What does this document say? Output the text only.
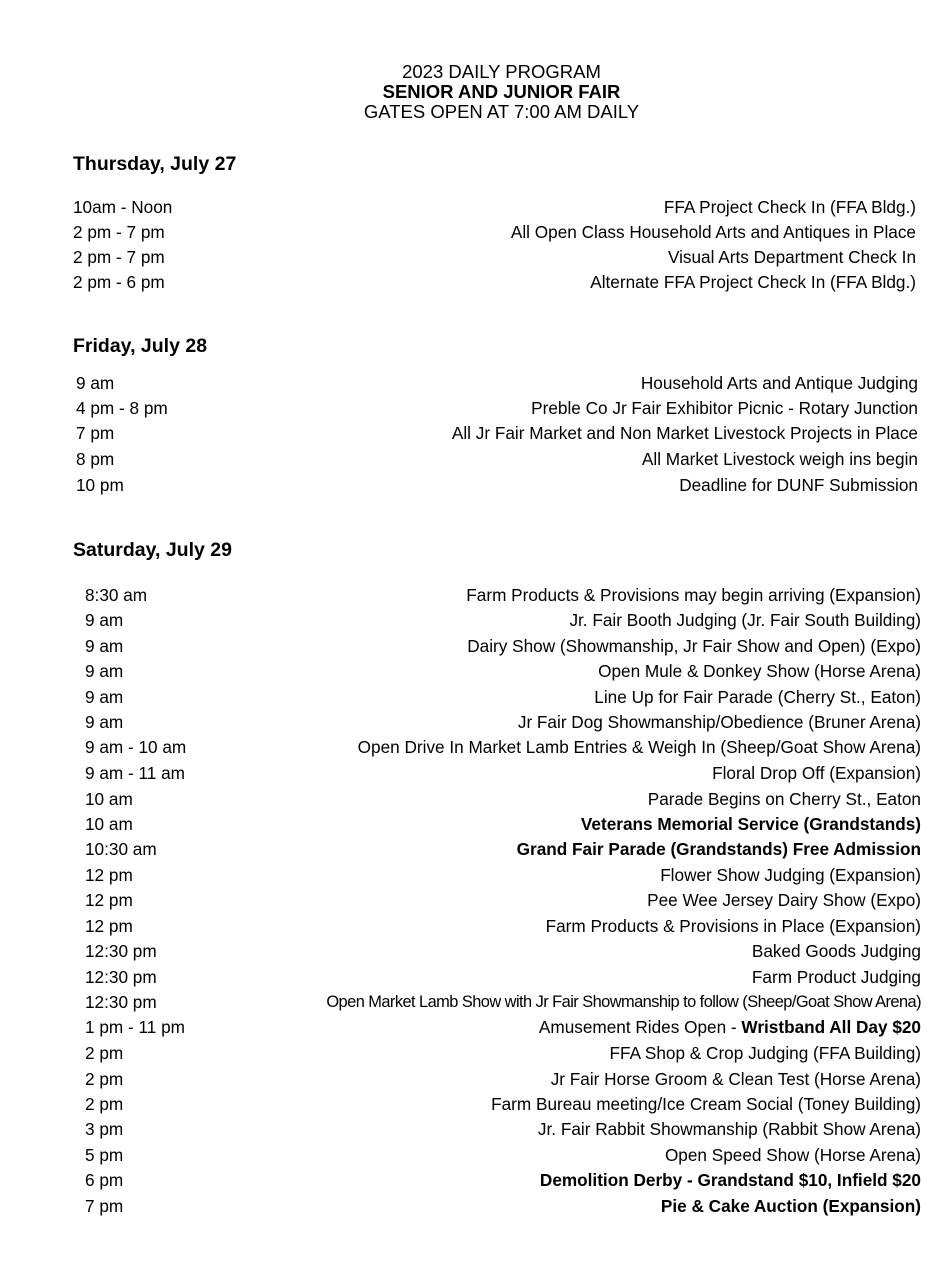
2023 DAILY PROGRAM
SENIOR AND JUNIOR FAIR
GATES OPEN AT 7:00 AM DAILY
Thursday, July 27
10am - Noon	FFA Project Check In (FFA Bldg.)
2 pm - 7 pm	All Open Class Household Arts and Antiques in Place
2 pm - 7 pm	Visual Arts Department Check In
2 pm - 6 pm	Alternate FFA Project Check In (FFA Bldg.)
Friday, July 28
9 am	Household Arts and Antique Judging
4 pm - 8 pm	Preble Co Jr Fair Exhibitor Picnic - Rotary Junction
7 pm	All Jr Fair Market and Non Market Livestock Projects in Place
8 pm	All Market Livestock weigh ins begin
10 pm	Deadline for DUNF Submission
Saturday, July 29
8:30 am	Farm Products & Provisions may begin arriving (Expansion)
9 am	Jr. Fair Booth Judging (Jr. Fair South Building)
9 am	Dairy Show (Showmanship, Jr Fair Show and Open) (Expo)
9 am	Open Mule & Donkey Show (Horse Arena)
9 am	Line Up for Fair Parade (Cherry St., Eaton)
9 am	Jr Fair Dog Showmanship/Obedience (Bruner Arena)
9 am - 10 am	Open Drive In Market Lamb Entries & Weigh In (Sheep/Goat Show Arena)
9 am - 11 am	Floral Drop Off (Expansion)
10 am	Parade Begins on Cherry St., Eaton
10 am	Veterans Memorial Service (Grandstands)
10:30 am	Grand Fair Parade (Grandstands) Free Admission
12 pm	Flower Show Judging (Expansion)
12 pm	Pee Wee Jersey Dairy Show (Expo)
12 pm	Farm Products & Provisions in Place (Expansion)
12:30 pm	Baked Goods Judging
12:30 pm	Farm Product Judging
12:30 pm	Open Market Lamb Show with Jr Fair Showmanship to follow (Sheep/Goat Show Arena)
1 pm - 11 pm	Amusement Rides Open - Wristband All Day $20
2 pm	FFA Shop & Crop Judging (FFA Building)
2 pm	Jr Fair Horse Groom & Clean Test (Horse Arena)
2 pm	Farm Bureau meeting/Ice Cream Social (Toney Building)
3 pm	Jr. Fair Rabbit Showmanship (Rabbit Show Arena)
5 pm	Open Speed Show (Horse Arena)
6 pm	Demolition Derby - Grandstand $10, Infield $20
7 pm	Pie & Cake Auction (Expansion)
